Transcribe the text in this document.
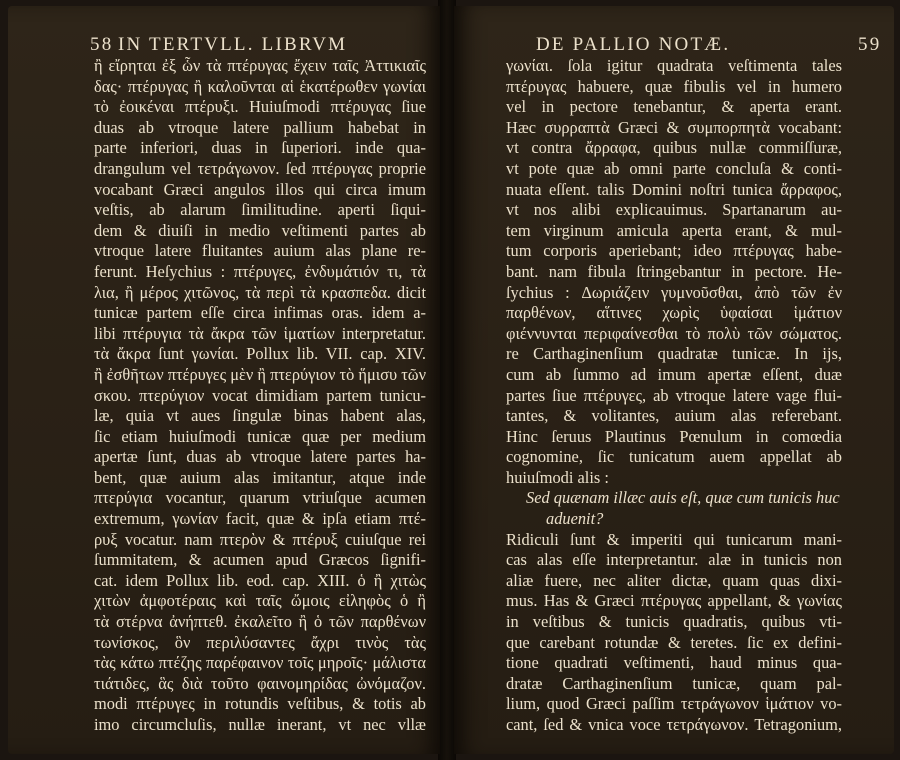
58 IN TERTVLL. LIBRVM
ἢ εἴρηται ἐξ ὧν τὰ πτέρυγας ἔχειν ταῖς Ἀττικιαῖς
δας· πτέρυγας ἢ καλοῦνται αἱ ἑκατέρωθεν γωνίαι
τὸ ἐοικέναι πτέρυξι. Huiuſmodi πτέρυγας ſiue
duas ab vtroque latere pallium habebat in
parte inferiori, duas in ſuperiori. inde qua-
drangulum vel τετράγωνον. ſed πτέρυγας proprie
vocabant Græci angulos illos qui circa imum
veſtis, ab alarum ſimilitudine. aperti ſiqui-
dem & diuiſi in medio veſtimenti partes ab
vtroque latere fluitantes auium alas plane re-
ferunt. Heſychius : πτέρυγες, ἐνδυμάτιόν τι, τὰ
λια, ἢ μέρος χιτῶνος, τὰ περὶ τὰ κρασπεδα. dicit
tunicæ partem eſſe circa infimas oras. idem a-
libi πτέρυγια τὰ ἄκρα τῶν ἱματίων interpretatur.
τὰ ἄκρα ſunt γωνίαι. Pollux lib. VII. cap. XIV.
ἢ ἐσθῆτων πτέρυγες μὲν ἢ πτερύγιον τὸ ἥμισυ τῶν
σκου. πτερύγιον vocat dimidiam partem tunicu-
læ, quia vt aues ſingulæ binas habent alas,
ſic etiam huiuſmodi tunicæ quæ per medium
apertæ ſunt, duas ab vtroque latere partes ha-
bent, quæ auium alas imitantur, atque inde
πτερύγια vocantur, quarum vtriuſque acumen
extremum, γωνίαν facit, quæ & ipſa etiam πτέ-
ρυξ vocatur. nam πτερὸν & πτέρυξ cuiuſque rei
ſummitatem, & acumen apud Græcos ſignifi-
cat. idem Pollux lib. eod. cap. XIII. ὁ ἢ χιτὼς
χιτὼν ἀμφοτέραις καὶ ταῖς ὤμοις εἰληφὸς ὁ ἢ
τὰ στέρνα ἀνήπτεθ. ἐκαλεῖτο ἢ ὁ τῶν παρθένων
τωνίσκος, ὃν περιλύσαντες ἄχρι τινὸς τὰς
τὰς κάτω πτέζης παρέφαινον τοῖς μηροῖς· μάλιστα
τιάτιδες, ἃς διὰ τοῦτο φαινομηρίδας ὠνόμαζον.
modi πτέρυγες in rotundis veſtibus, & totis ab
imo circumcluſis, nullæ inerant, vt nec vllæ
DE PALLIO NOTÆ.	59
γωνίαι. ſola igitur quadrata veſtimenta tales
πτέρυγας habuere, quæ fibulis vel in humero
vel in pectore tenebantur, & aperta erant.
Hæc συρραπτὰ Græci & συμπορπητὰ vocabant:
vt contra ἄρραφα, quibus nullæ commiſſuræ,
vt pote quæ ab omni parte concluſa & conti-
nuata eſſent. talis Domini noſtri tunica ἄρραφος,
vt nos alibi explicauimus. Spartanarum au-
tem virginum amicula aperta erant, & mul-
tum corporis aperiebant; ideo πτέρυγας habe-
bant. nam fibula ſtringebantur in pectore. He-
ſychius : Δωριάζειν γυμνοῦσθαι, ἀπὸ τῶν ἐν
παρθένων, αἵτινες χωρὶς ὑφαίσαι ἱμάτιον
φιέννυνται περιφαίνεσθαι τὸ πολὺ τῶν σώματος.
re Carthaginenſium quadratæ tunicæ. In ijs,
cum ab ſummo ad imum apertæ eſſent, duæ
partes ſiue πτέρυγες, ab vtroque latere vage flui-
tantes, & volitantes, auium alas referebant.
Hinc ſeruus Plautinus Pœnulum in comœdia
cognomine, ſic tunicatum auem appellat ab
huiuſmodi alis :
Sed quænam illæc auis eſt, quæ cum tunicis huc
aduenit?
Ridiculi ſunt & imperiti qui tunicarum mani-
cas alas eſſe interpretantur. alæ in tunicis non
aliæ fuere, nec aliter dictæ, quam quas dixi-
mus. Has & Græci πτέρυγας appellant, & γωνίας
in veſtibus & tunicis quadratis, quibus vti-
que carebant rotundæ & teretes. ſic ex defini-
tione quadrati veſtimenti, haud minus qua-
dratæ Carthaginenſium tunicæ, quam pal-
lium, quod Græci paſſim τετράγωνον ἱμάτιον vo-
cant, ſed & vnica voce τετράγωνον. Tetragonium,
